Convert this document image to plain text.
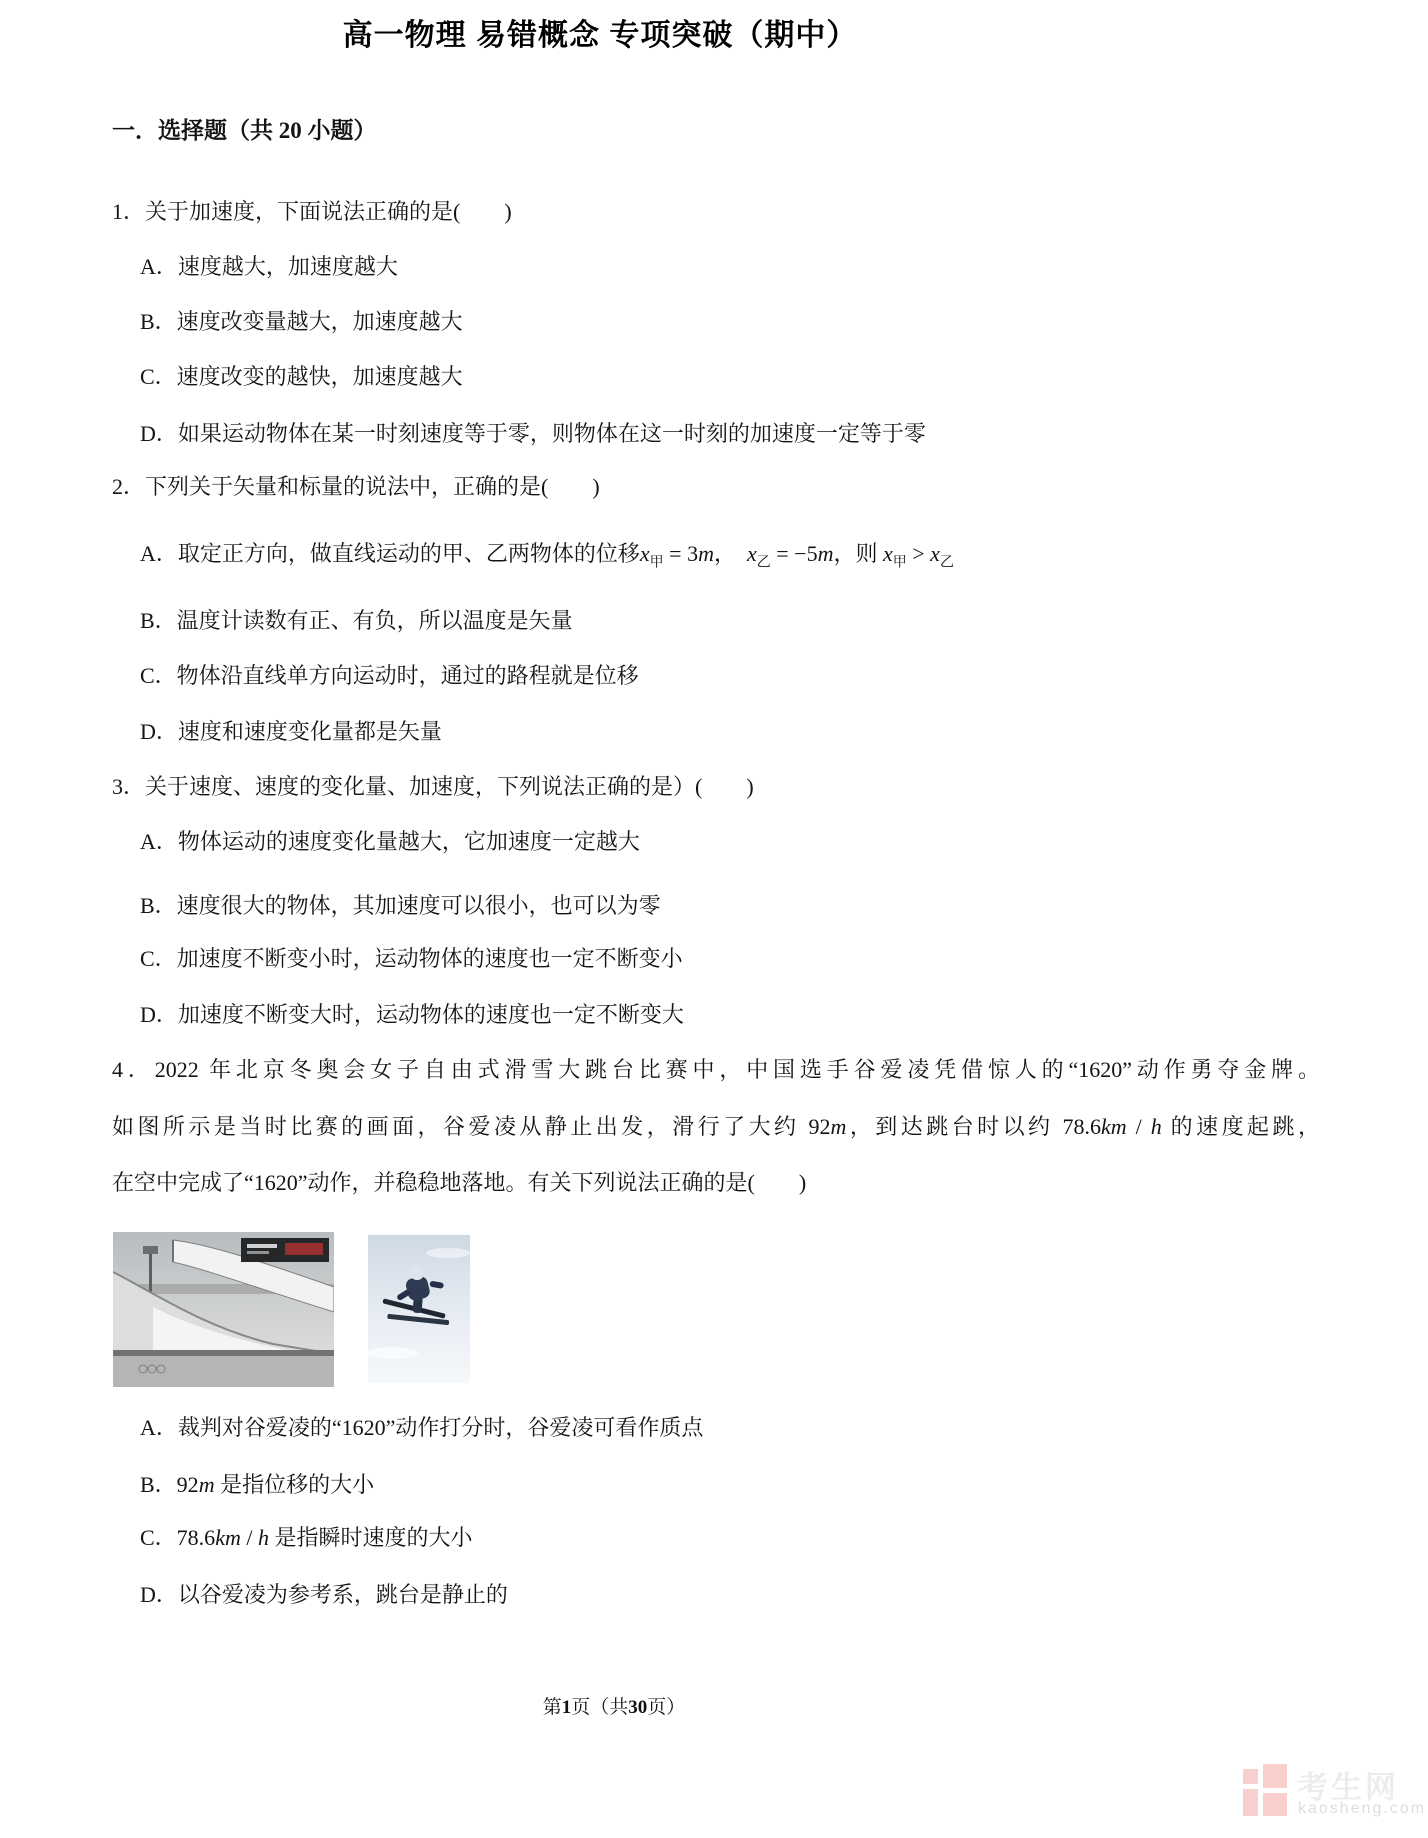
高一物理 易错概念 专项突破（期中）
一．选择题（共 20 小题）
1．关于加速度，下面说法正确的是(　　)
A．速度越大，加速度越大
B．速度改变量越大，加速度越大
C．速度改变的越快，加速度越大
D．如果运动物体在某一时刻速度等于零，则物体在这一时刻的加速度一定等于零
2．下列关于矢量和标量的说法中，正确的是(　　)
A．取定正方向，做直线运动的甲、乙两物体的位移$x_甲 = 3m$，　$x_乙 = -5m$，则 $x_甲 > x_乙$
B．温度计读数有正、有负，所以温度是矢量
C．物体沿直线单方向运动时，通过的路程就是位移
D．速度和速度变化量都是矢量
3．关于速度、速度的变化量、加速度，下列说法正确的是）(　　)
A．物体运动的速度变化量越大，它加速度一定越大
B．速度很大的物体，其加速度可以很小，也可以为零
C．加速度不断变小时，运动物体的速度也一定不断变小
D．加速度不断变大时，运动物体的速度也一定不断变大
4．2022 年北京冬奥会女子自由式滑雪大跳台比赛中，中国选手谷爱凌凭借惊人的“1620”动作勇夺金牌。
如图所示是当时比赛的画面，谷爱凌从静止出发，滑行了大约 92m，到达跳台时以约 78.6km / h 的速度起跳，
在空中完成了“1620”动作，并稳稳地落地。有关下列说法正确的是(　　)
A．裁判对谷爱凌的“1620”动作打分时，谷爱凌可看作质点
B．92m 是指位移的大小
C．78.6km / h 是指瞬时速度的大小
D．以谷爱凌为参考系，跳台是静止的
第1页（共30页）
考生网
kaosheng.com
